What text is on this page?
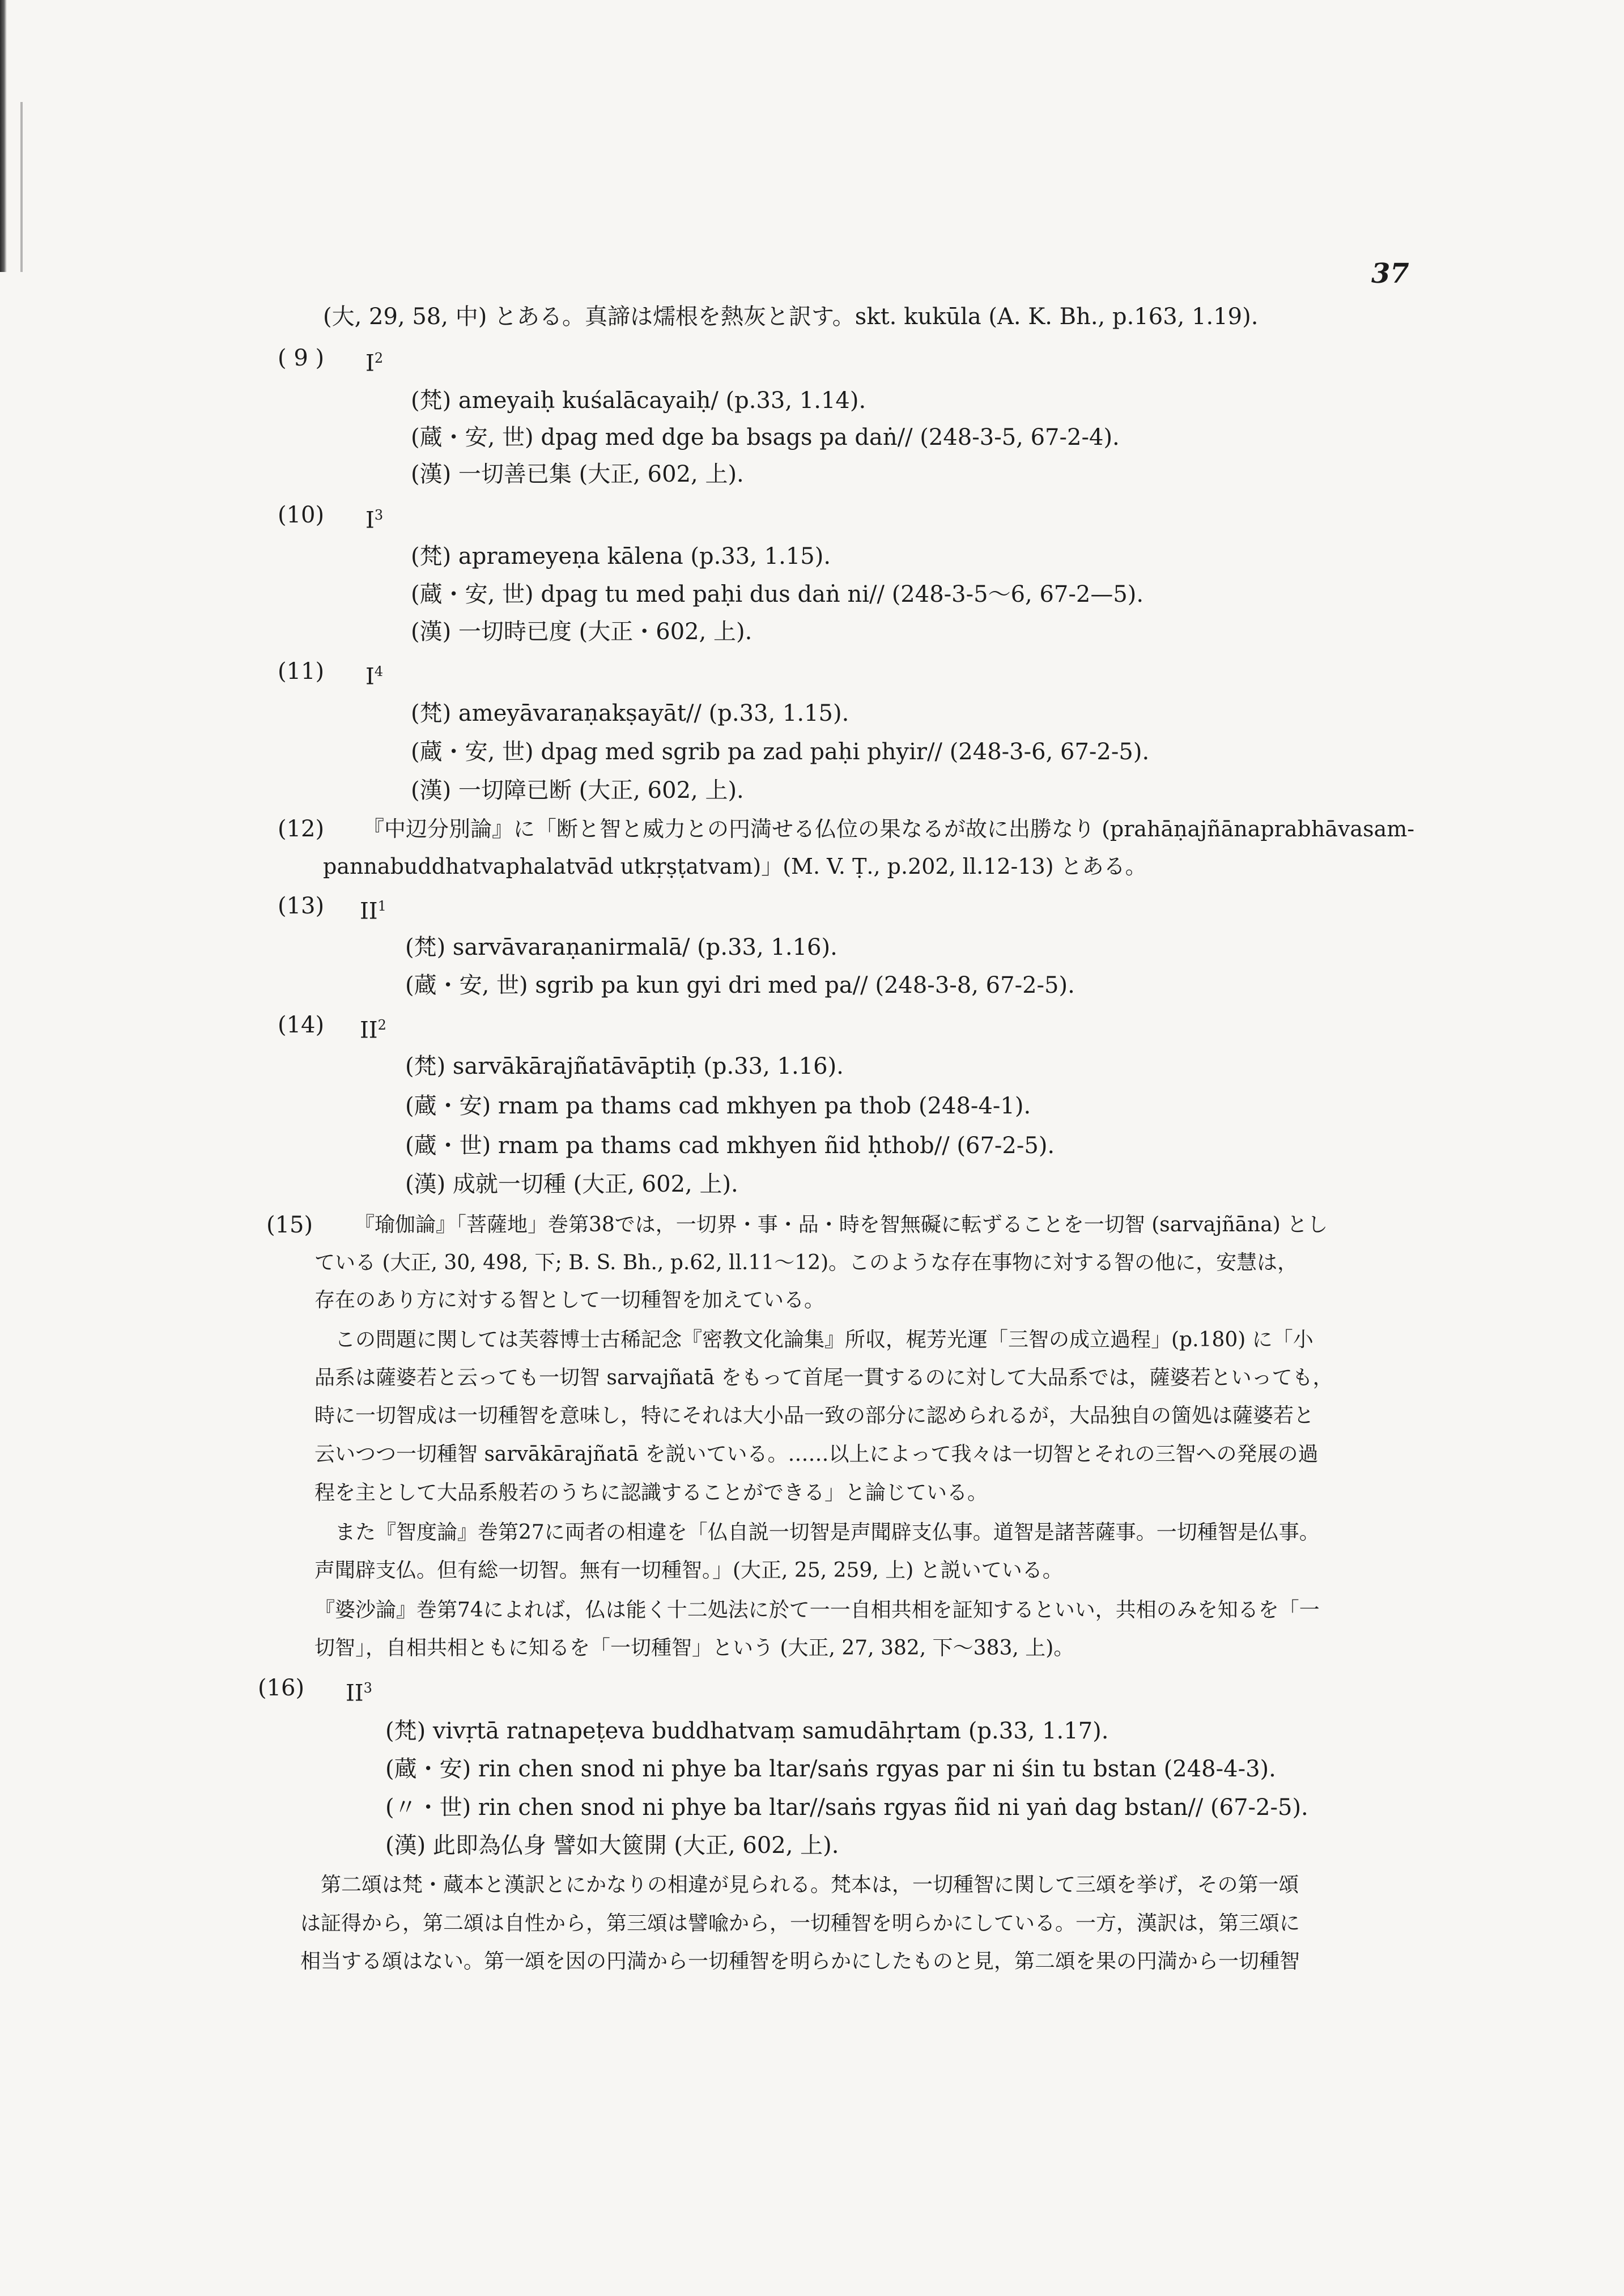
37
(大, 29, 58, 中) とある。真諦は燸根を熱灰と訳す。skt. kukūla (A. K. Bh., p.163, 1.19).
( 9 ) $I^2$
(梵) ameyaiḥ kuśalācayaiḥ/ (p.33, 1.14).
(蔵・安, 世) dpag med dge ba bsags pa daṅ// (248-3-5, 67-2-4).
(漢) 一切善已集 (大正, 602, 上).
(10) $I^3$
(梵) aprameyeṇa kālena (p.33, 1.15).
(蔵・安, 世) dpag tu med paḥi dus daṅ ni// (248-3-5～6, 67-2—5).
(漢) 一切時已度 (大正・602, 上).
(11) $I^4$
(梵) ameyāvaraṇakṣayāt// (p.33, 1.15).
(蔵・安, 世) dpag med sgrib pa zad paḥi phyir// (248-3-6, 67-2-5).
(漢) 一切障已断 (大正, 602, 上).
(12) 『中辺分別論』に「断と智と威力との円満せる仏位の果なるが故に出勝なり (prahāṇajñānaprabhāvasam-
pannabuddhatvaphalatvād utkṛṣṭatvam)」(M. V. Ṭ., p.202, ll.12-13) とある。
(13) $II^1$
(梵) sarvāvaraṇanirmalā/ (p.33, 1.16).
(蔵・安, 世) sgrib pa kun gyi dri med pa// (248-3-8, 67-2-5).
(14) $II^2$
(梵) sarvākārajñatāvāptiḥ (p.33, 1.16).
(蔵・安) rnam pa thams cad mkhyen pa thob (248-4-1).
(蔵・世) rnam pa thams cad mkhyen ñid ḥthob// (67-2-5).
(漢) 成就一切種 (大正, 602, 上).
(15) 『瑜伽論』「菩薩地」巻第38では，一切界・事・品・時を智無礙に転ずることを一切智 (sarvajñāna) とし
ている (大正, 30, 498, 下; B. S. Bh., p.62, ll.11～12)。このような存在事物に対する智の他に，安慧は，
存在のあり方に対する智として一切種智を加えている。
　この問題に関しては芙蓉博士古稀記念『密教文化論集』所収，梶芳光運「三智の成立過程」(p.180) に「小
品系は薩婆若と云っても一切智 sarvajñatā をもって首尾一貫するのに対して大品系では，薩婆若といっても，
時に一切智成は一切種智を意味し，特にそれは大小品一致の部分に認められるが，大品独自の箇処は薩婆若と
云いつつ一切種智 sarvākārajñatā を説いている。……以上によって我々は一切智とそれの三智への発展の過
程を主として大品系般若のうちに認識することができる」と論じている。
　また『智度論』巻第27に両者の相違を「仏自説一切智是声聞辟支仏事。道智是諸菩薩事。一切種智是仏事。
声聞辟支仏。但有総一切智。無有一切種智。」(大正, 25, 259, 上) と説いている。
『婆沙論』巻第74によれば，仏は能く十二処法に於て一一自相共相を証知するといい，共相のみを知るを「一
切智」，自相共相ともに知るを「一切種智」という (大正, 27, 382, 下～383, 上)。
(16) $II^3$
(梵) vivṛtā ratnapeṭeva buddhatvaṃ samudāhṛtam (p.33, 1.17).
(蔵・安) rin chen snod ni phye ba ltar/saṅs rgyas par ni śin tu bstan (248-4-3).
(〃・世) rin chen snod ni phye ba ltar//saṅs rgyas ñid ni yaṅ dag bstan// (67-2-5).
(漢) 此即為仏身 譬如大篋開 (大正, 602, 上).
　第二頌は梵・蔵本と漢訳とにかなりの相違が見られる。梵本は，一切種智に関して三頌を挙げ，その第一頌
は証得から，第二頌は自性から，第三頌は譬喩から，一切種智を明らかにしている。一方，漢訳は，第三頌に
相当する頌はない。第一頌を因の円満から一切種智を明らかにしたものと見，第二頌を果の円満から一切種智
